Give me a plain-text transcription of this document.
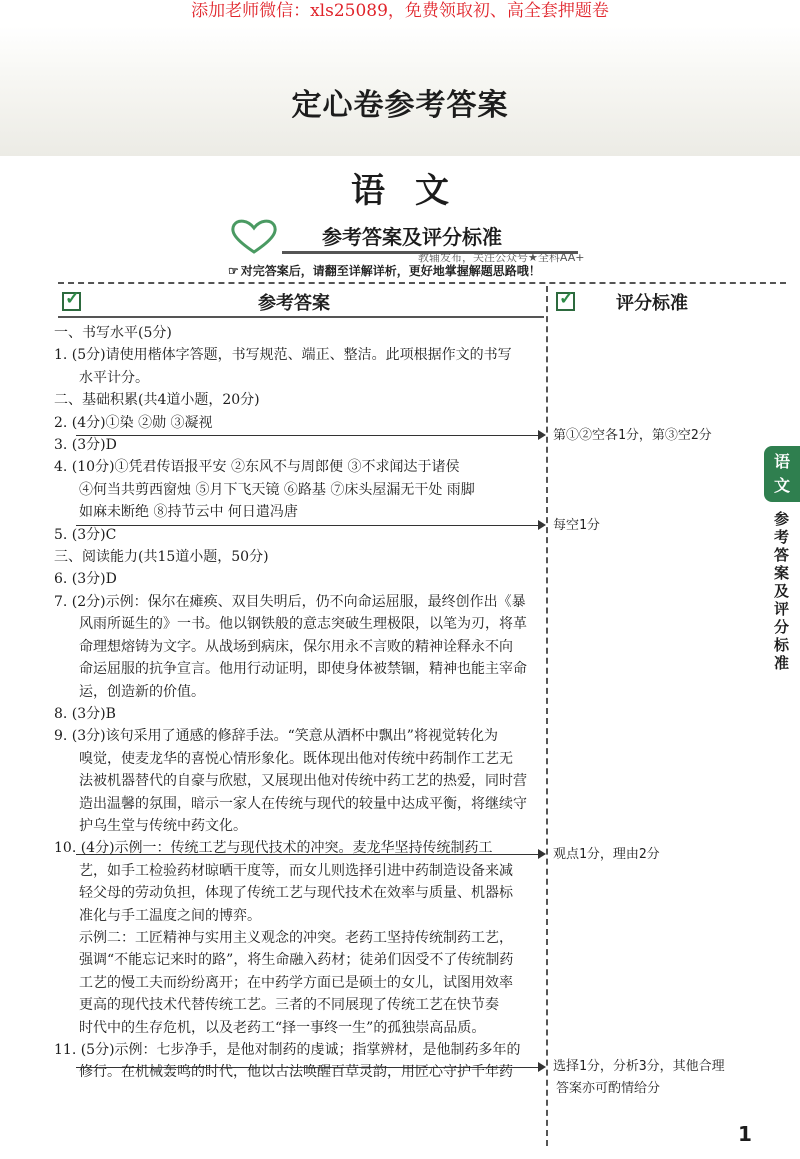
添加老师微信：xls25089，免费领取初、高全套押题卷
定心卷参考答案
语文
参考答案及评分标准
教辅发布，关注公众号★全科AA+
☞ 对完答案后，请翻至详解详析，更好地掌握解题思路哦！
✓
参考答案
✓	评分标准
一、书写水平(5分)
1. (5分)请使用楷体字答题，书写规范、端正、整洁。此项根据作文的书写
水平计分。
二、基础积累(共4道小题，20分)
2. (4分)①染 ②勋 ③凝视
3. (3分)D
4. (10分)①凭君传语报平安 ②东风不与周郎便 ③不求闻达于诸侯
④何当共剪西窗烛 ⑤月下飞天镜 ⑥路基 ⑦床头屋漏无干处 雨脚
如麻未断绝 ⑧持节云中 何日遣冯唐
5. (3分)C
三、阅读能力(共15道小题，50分)
6. (3分)D
7. (2分)示例：保尔在瘫痪、双目失明后，仍不向命运屈服，最终创作出《暴
风雨所诞生的》一书。他以钢铁般的意志突破生理极限，以笔为刃，将革
命理想熔铸为文字。从战场到病床，保尔用永不言败的精神诠释永不向
命运屈服的抗争宣言。他用行动证明，即使身体被禁锢，精神也能主宰命
运，创造新的价值。
8. (3分)B
9. (3分)该句采用了通感的修辞手法。“笑意从酒杯中飘出”将视觉转化为
嗅觉，使麦龙华的喜悦心情形象化。既体现出他对传统中药制作工艺无
法被机器替代的自豪与欣慰，又展现出他对传统中药工艺的热爱，同时营
造出温馨的氛围，暗示一家人在传统与现代的较量中达成平衡，将继续守
护乌生堂与传统中药文化。
10. (4分)示例一：传统工艺与现代技术的冲突。麦龙华坚持传统制药工
艺，如手工检验药材晾晒干度等，而女儿则选择引进中药制造设备来减
轻父母的劳动负担，体现了传统工艺与现代技术在效率与质量、机器标
准化与手工温度之间的博弈。
示例二：工匠精神与实用主义观念的冲突。老药工坚持传统制药工艺，
强调“不能忘记来时的路”，将生命融入药材；徒弟们因受不了传统制药
工艺的慢工夫而纷纷离开；在中药学方面已是硕士的女儿，试图用效率
更高的现代技术代替传统工艺。三者的不同展现了传统工艺在快节奏
时代中的生存危机，以及老药工“择一事终一生”的孤独崇高品质。
11. (5分)示例：七步净手，是他对制药的虔诚；指掌辨材，是他制药多年的
修行。在机械轰鸣的时代，他以古法唤醒百草灵韵，用匠心守护千年药
第①②空各1分，第③空2分
每空1分
观点1分，理由2分
选择1分，分析3分，其他合理
答案亦可酌情给分
语
文
参考答案及评分标准
1
